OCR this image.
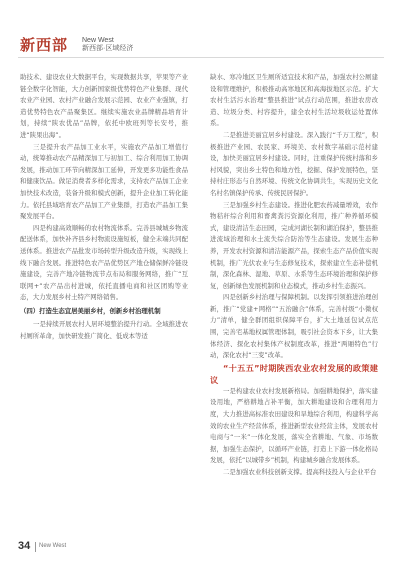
新西部 New West
新西部·区域经济

助技术、建设农业大数据平台，实现数据共享，苹果等产业链全数字化智能，大力创新国家级优势特色产业集群、现代农业产业园、农村产业融合发展示范园、农业产业强镇，打造优势特色农产品聚集区。继续实施农业品牌精品培育计划，持续“陕农优品”品牌，依托中欧班列等长安号，推进“陕果出海”。

三是提升农产品加工业水平，实施农产品加工增值行动，统筹推动农产品精深加工与初加工、综合利用加工协调发展，推动加工环节向精深加工延伸，开发更多功能性食品和健康饮品。做足消费者多样化需求，支持农产品加工企业加快技术改造，装备升级和模式创新，提升企业加工转化能力。依托县域培育农产品加工产业集群，打造农产品加工集聚发展平台。

四是构建高效顺畅的农村物流体系。完善县城城乡物流配送体系，加快补齐县乡村物流设施短板，健全末端共同配送体系。推进农产品批发市场转型升级改造升级，实现线上线下融合发展。推进特色农产品优势区产地仓储保鲜冷链设施建设，完善产地冷链物流节点布局和服务网络，推广“互联网+”农产品出村进城，依托直播电商和社区团购等业态，大力发展乡村土特产网络销售。

（四）打造生态宜居美丽乡村，创新乡村治理机制

一是持续开展农村人居环境整治提升行动。全域推进农村厕所革命，加快研发推广简化、低成本等适

缺水、寒冷地区卫生厕所适宜技术和产品，加强农村公厕建设和管理维护，积极推动高寒地区和高海拔地区示范。扩大农村生活污水治理“整县推进”试点行动范围，推进农房改造、垃圾分类、村容提升，建全农村生活垃圾收运处置体系。

二是推进美丽宜居乡村建设。深入践行“千万工程”，积极推进产业园、农民家、环境美、农村数字基础示范村建设，加快美丽宜居乡村建设。同时，注重保护传统村落和乡村风貌，突出乡土特色和地方性，挖掘、保护发展特色，坚持村庄形态与自然环境、传统文化协调共生，实现历史文化名村名镇保护传承、传统民居保护。

三是加强乡村生态建设。推进化肥农药减量增效，农作物秸秆综合利用和畜禽粪污资源化利用，推广种养循环模式，建设清洁生态田园，完成河湖长制和湖泊保护，整县推进流域治理和水土流失综合防治等生态建设。发展生态种养，开发农村资源和清洁能源产品，探索生态产品价值实现机制，推广光伏农业与生态修复技术，探索建立生态补偿机制，深化森林、湿地、草原、水系等生态环境治理和保护修复，创新绿色发展机制和业态模式，推动乡村生态振兴。

四是创新乡村治理与保障机制。以发挥引领推进治理创新，推广“党建+网格”“五治融合”体系，完善村级“小微权力”清单，健全群团组织保障平台，扩大土地延包试点范围，完善宅基地权属管理体制，吸引社会资本下乡，让大集体经济、探化农村集体产权制度改革，推进“两厢特色”行动，深化农村“三变”改革。

“十五五”时期陕西农业农村发展的政策建议

一是构建农业农村发展新格局。加强耕地保护，落实建设用地，严格耕地占补平衡，加大耕地建设和合理利用力度，大力推进高标准农田建设和旱地综合利用，构建科学高效的农业生产经营体系，推进新型农业经营主体，发展农村电商与“一米”一体化发展，落实全省耕地、气象、市场数据，加强生态保护，以循环产业链，打造上下游一体化格局发展，依托“以城带乡”机制，构建城乡融合发展体系。

二是加强农业科技创新支撑。提高科技投入与企业平台

34 New West
